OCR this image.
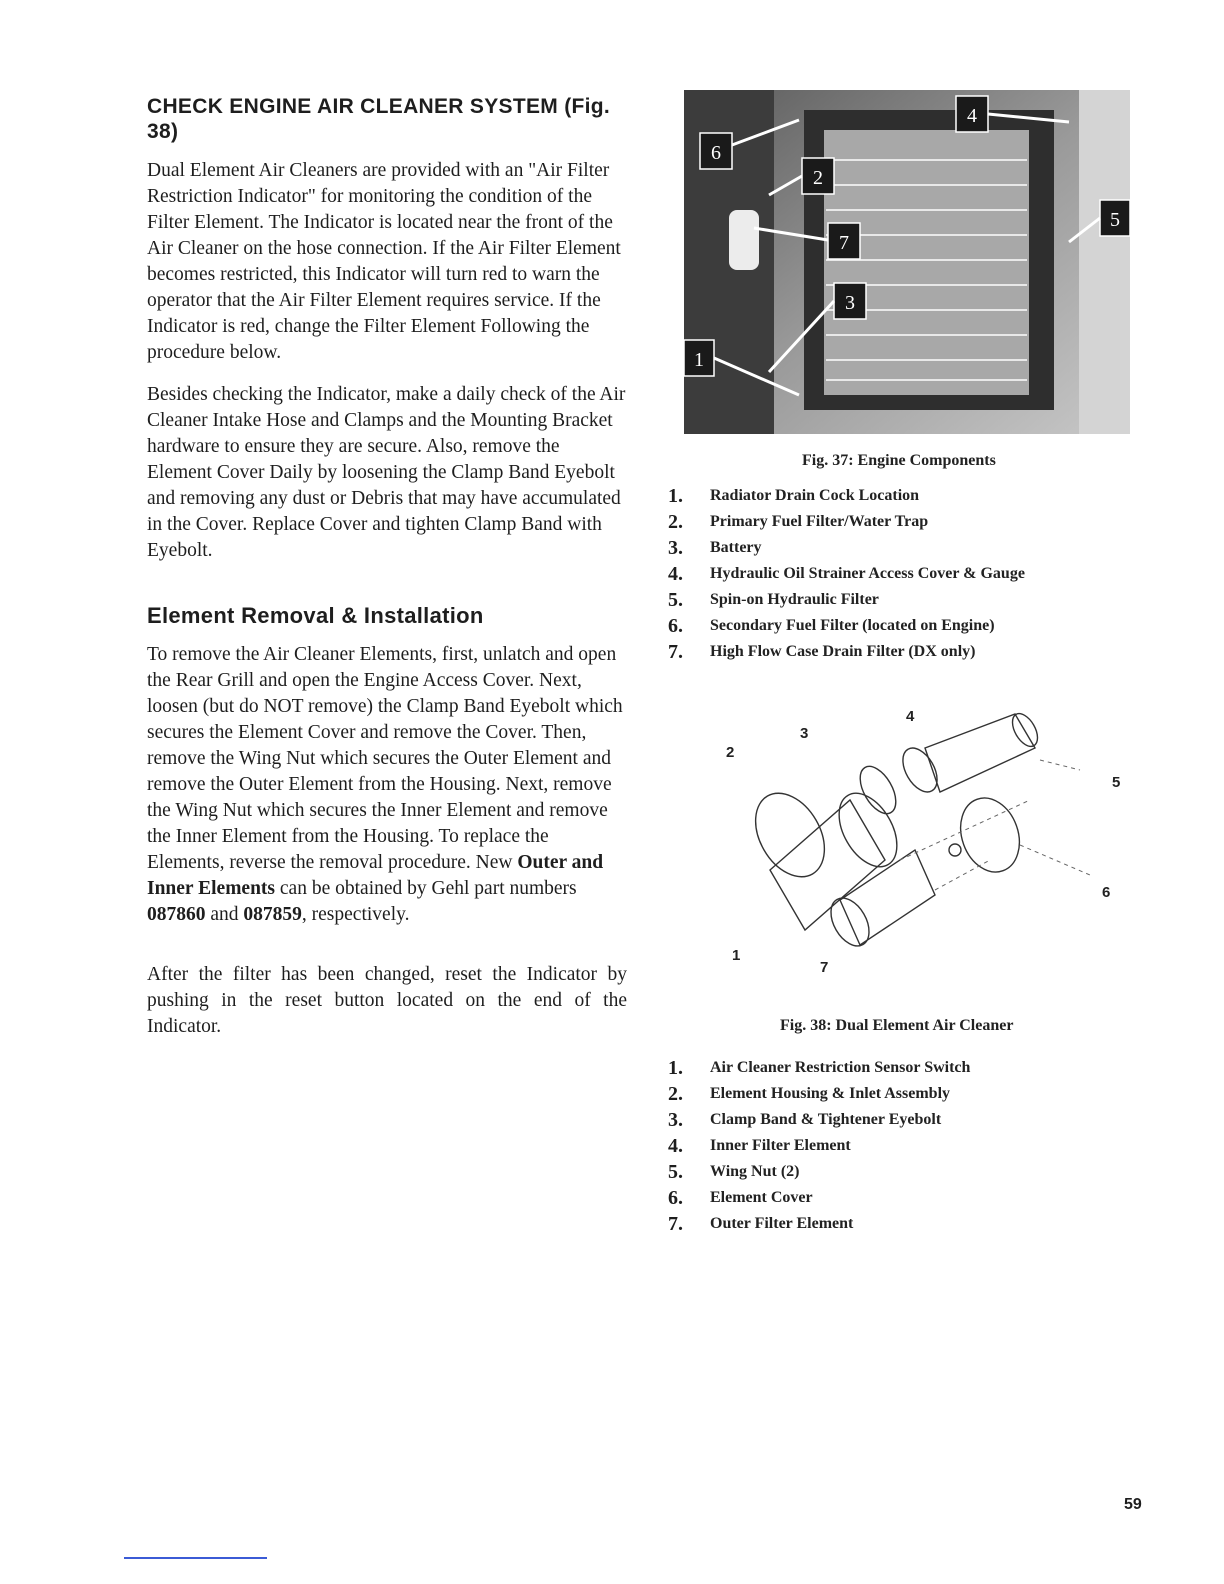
CHECK ENGINE AIR CLEANER SYSTEM (Fig. 38)

Dual Element Air Cleaners are provided with an "Air Filter Restriction Indicator" for monitoring the condition of the Filter Element. The Indicator is located near the front of the Air Cleaner on the hose connection. If the Air Filter Element becomes restricted, this Indicator will turn red to warn the operator that the Air Filter Element requires service. If the Indicator is red, change the Filter Element Following the procedure below.

Besides checking the Indicator, make a daily check of the Air Cleaner Intake Hose and Clamps and the Mounting Bracket hardware to ensure they are secure. Also, remove the Element Cover Daily by loosening the Clamp Band Eyebolt and removing any dust or Debris that may have accumulated in the Cover. Replace Cover and tighten Clamp Band with Eyebolt.

Element Removal & Installation

To remove the Air Cleaner Elements, first, unlatch and open the Rear Grill and open the Engine Access Cover. Next, loosen (but do NOT remove) the Clamp Band Eyebolt which secures the Element Cover and remove the Cover. Then, remove the Wing Nut which secures the Outer Element and remove the Outer Element from the Housing. Next, remove the Wing Nut which secures the Inner Element and remove the Inner Element from the Housing. To replace the Elements, reverse the removal procedure. New Outer and Inner Elements can be obtained by Gehl part numbers 087860 and 087859, respectively.

After the filter has been changed, reset the Indicator by pushing in the reset button located on the end of the Indicator.

4
6
2
5
7
3
1
Fig. 37: Engine Components
1.	Radiator Drain Cock Location
2.	Primary Fuel Filter/Water Trap
3.	Battery
4.	Hydraulic Oil Strainer Access Cover & Gauge
5.	Spin-on Hydraulic Filter
6.	Secondary Fuel Filter (located on Engine)
7.	High Flow Case Drain Filter (DX only)
2
3
4
5
6
1
7
Fig. 38: Dual Element Air Cleaner
1.	Air Cleaner Restriction Sensor Switch
2.	Element Housing & Inlet Assembly
3.	Clamp Band & Tightener Eyebolt
4.	Inner Filter Element
5.	Wing Nut (2)
6.	Element Cover
7.	Outer Filter Element
59
